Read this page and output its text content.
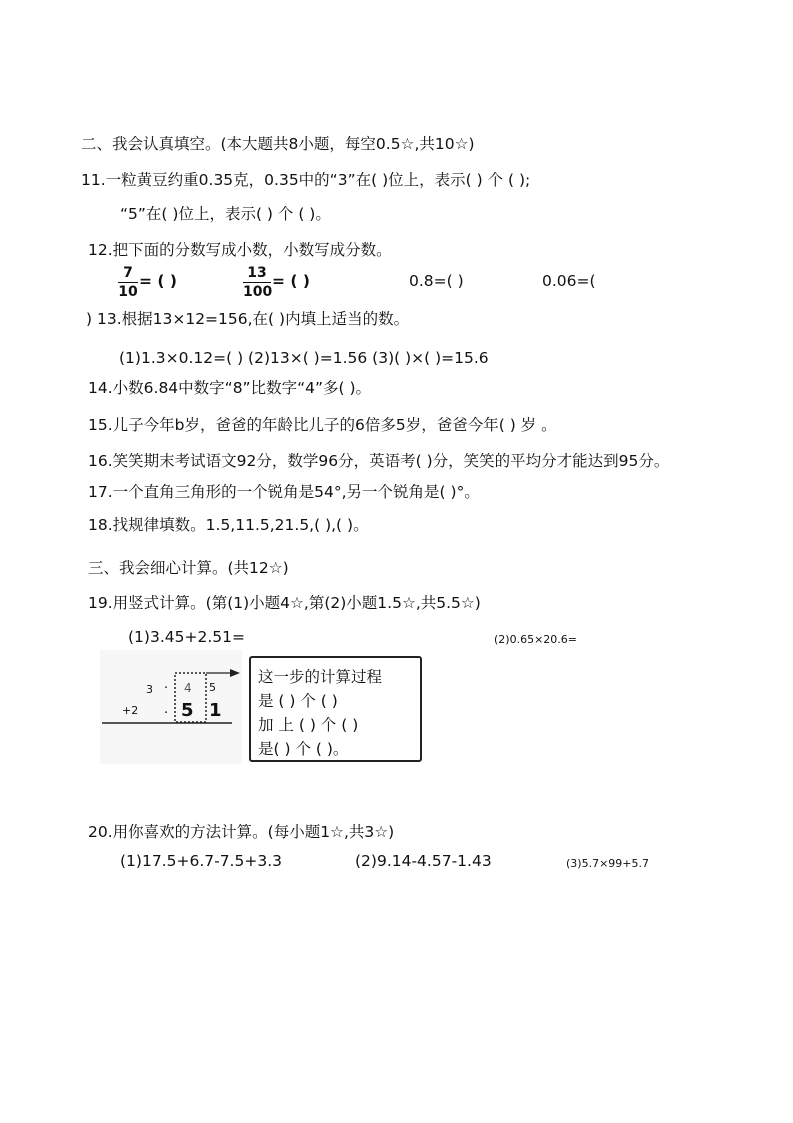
二、我会认真填空。(本大题共8小题，每空0.5☆,共10☆)
11.一粒黄豆约重0.35克，0.35中的“3”在( )位上，表示( ) 个 ( );
“5”在( )位上，表示( ) 个 ( )。
12.把下面的分数写成小数，小数写成分数。
7
10
= ( )	13
100
= ( )	0.8=( )	0.06=(
) 13.根据13×12=156,在( )内填上适当的数。
(1)1.3×0.12=( ) (2)13×( )=1.56 (3)( )×( )=15.6
14.小数6.84中数字“8”比数字“4”多( )。
15.儿子今年b岁，爸爸的年龄比儿子的6倍多5岁，爸爸今年( ) 岁 。
16.笑笑期末考试语文92分，数学96分，英语考( )分，笑笑的平均分才能达到95分。
17.一个直角三角形的一个锐角是54°,另一个锐角是( )°。
18.找规律填数。1.5,11.5,21.5,( ),( )。
三、我会细心计算。(共12☆)
19.用竖式计算。(第(1)小题4☆,第(2)小题1.5☆,共5.5☆)
(1)3.45+2.51=	(2)0.65×20.6=
3 · 4 5
+2 . 5 1
这一步的计算过程
是 ( ) 个 ( )
加 上 ( ) 个 ( )
是( ) 个 ( )。
20.用你喜欢的方法计算。(每小题1☆,共3☆)
(1)17.5+6.7-7.5+3.3	(2)9.14-4.57-1.43	(3)5.7×99+5.7
